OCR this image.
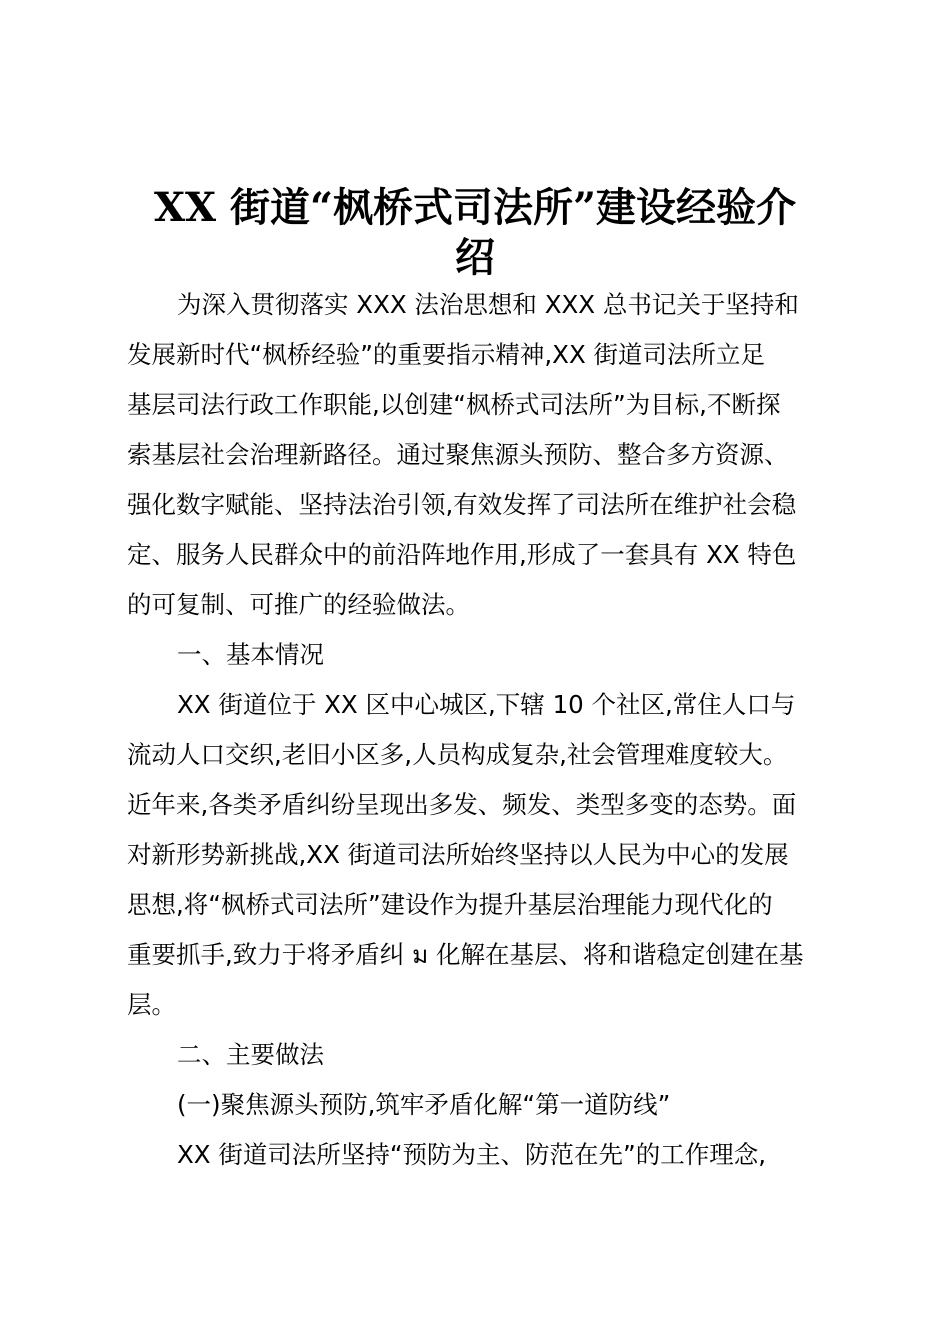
XX 街道“枫桥式司法所”建设经验介
绍
为深入贯彻落实 XXX 法治思想和 XXX 总书记关于坚持和
发展新时代“枫桥经验”的重要指示精神,XX 街道司法所立足
基层司法行政工作职能,以创建“枫桥式司法所”为目标,不断探
索基层社会治理新路径。通过聚焦源头预防、整合多方资源、
强化数字赋能、坚持法治引领,有效发挥了司法所在维护社会稳
定、服务人民群众中的前沿阵地作用,形成了一套具有 XX 特色
的可复制、可推广的经验做法。
一、基本情况
XX 街道位于 XX 区中心城区,下辖 10 个社区,常住人口与
流动人口交织,老旧小区多,人员构成复杂,社会管理难度较大。
近年来,各类矛盾纠纷呈现出多发、频发、类型多变的态势。面
对新形势新挑战,XX 街道司法所始终坚持以人民为中心的发展
思想,将“枫桥式司法所”建设作为提升基层治理能力现代化的
重要抓手,致力于将矛盾纠 ม 化解在基层、将和谐稳定创建在基
层。
二、主要做法
(一)聚焦源头预防,筑牢矛盾化解“第一道防线”
XX 街道司法所坚持“预防为主、防范在先”的工作理念,
